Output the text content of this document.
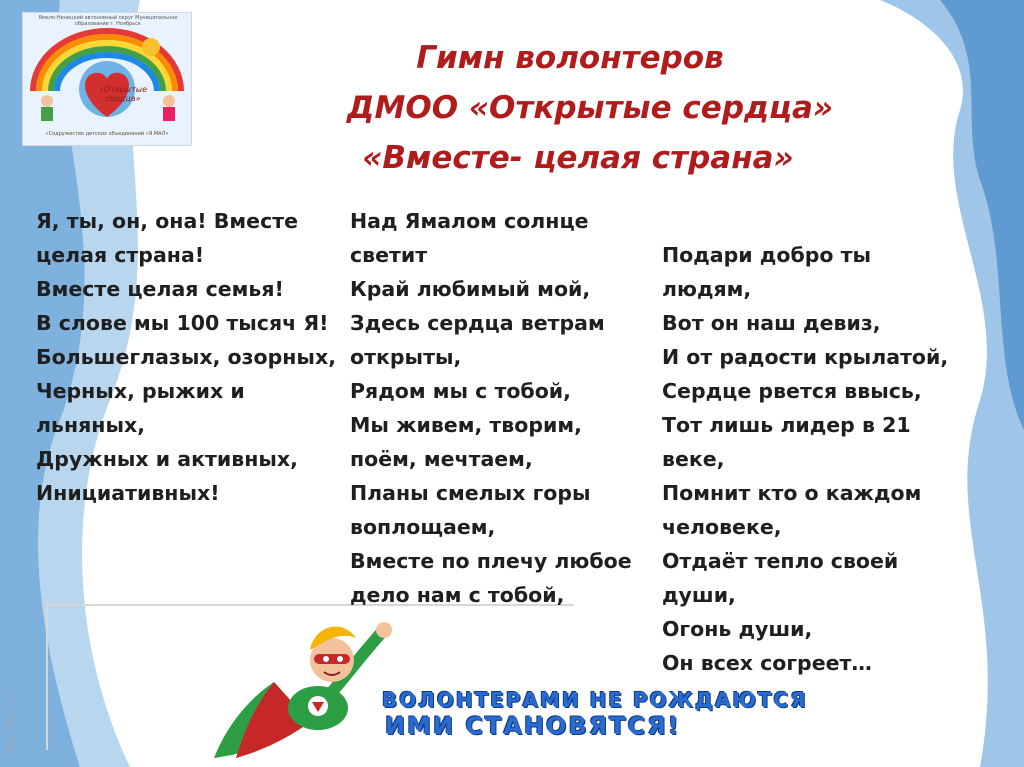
Ямало-Ненецкий автономный округ Муниципальное образование г. Ноябрьск
«Открытые сердца»
«Содружество детских объединений «Я МАЛ»
Гимн волонтеров
ДМОО «Открытые сердца»
«Вместе- целая страна»
Я, ты, он, она! Вместе
целая страна!
Вместе целая семья!
В слове мы 100 тысяч Я!
Большеглазых, озорных,
Черных, рыжих и
льняных,
Дружных и активных,
Инициативных!
Над Ямалом солнце
светит
Край любимый мой,
Здесь сердца ветрам
открыты,
Рядом мы с тобой,
Мы живем, творим,
поём, мечтаем,
Планы смелых горы
воплощаем,
Вместе по плечу любое
дело нам с тобой,
Подари добро ты
людям,
Вот он наш девиз,
И от радости крылатой,
Сердце рвется ввысь,
Тот лишь лидер в 21
веке,
Помнит кто о каждом
человеке,
Отдаёт тепло своей
души,
Огонь души,
Он всех согреет…
ВОЛОНТЕРАМИ НЕ РОЖДАЮТСЯ
ИМИ СТАНОВЯТСЯ!
www.7dom.ru
